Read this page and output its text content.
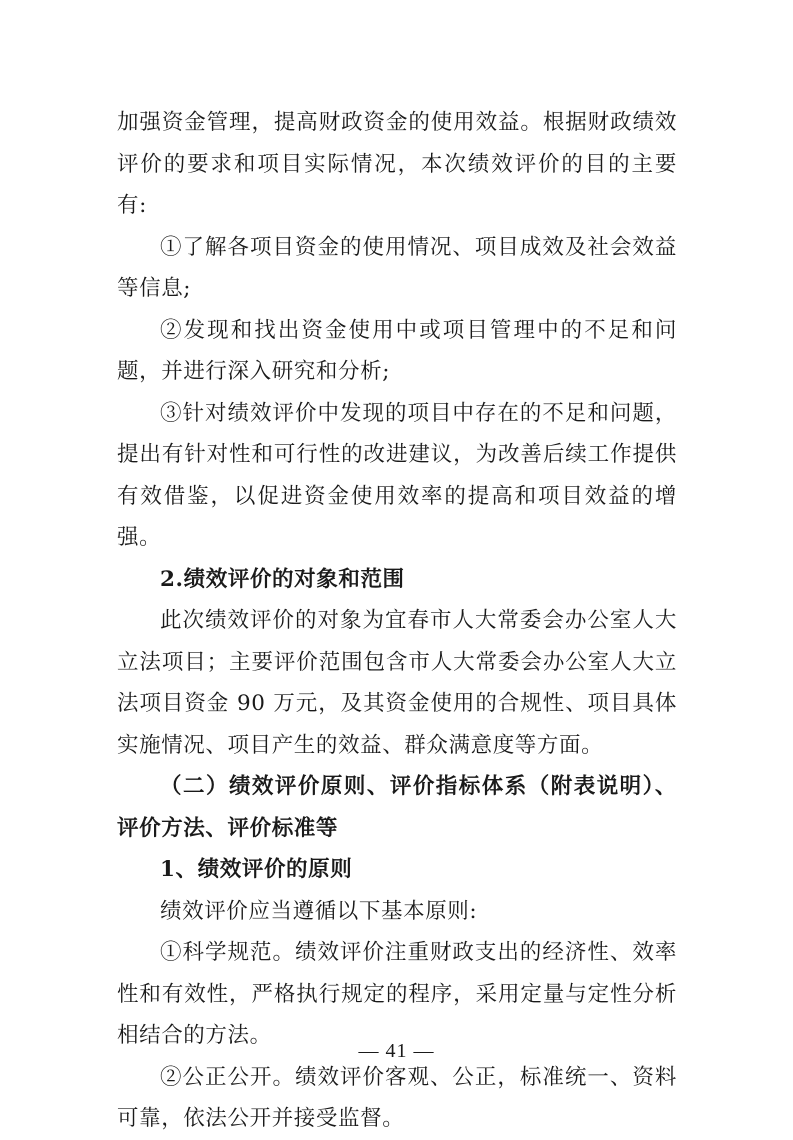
加强资金管理，提高财政资金的使用效益。根据财政绩效评价的要求和项目实际情况，本次绩效评价的目的主要有:

①了解各项目资金的使用情况、项目成效及社会效益等信息;

②发现和找出资金使用中或项目管理中的不足和问题，并进行深入研究和分析;

③针对绩效评价中发现的项目中存在的不足和问题，提出有针对性和可行性的改进建议，为改善后续工作提供有效借鉴，以促进资金使用效率的提高和项目效益的增强。

2.绩效评价的对象和范围

此次绩效评价的对象为宜春市人大常委会办公室人大立法项目；主要评价范围包含市人大常委会办公室人大立法项目资金 90 万元，及其资金使用的合规性、项目具体实施情况、项目产生的效益、群众满意度等方面。

（二）绩效评价原则、评价指标体系（附表说明）、评价方法、评价标准等

1、绩效评价的原则

绩效评价应当遵循以下基本原则:

①科学规范。绩效评价注重财政支出的经济性、效率性和有效性，严格执行规定的程序，采用定量与定性分析相结合的方法。

②公正公开。绩效评价客观、公正，标准统一、资料可靠，依法公开并接受监督。

— 41 —
